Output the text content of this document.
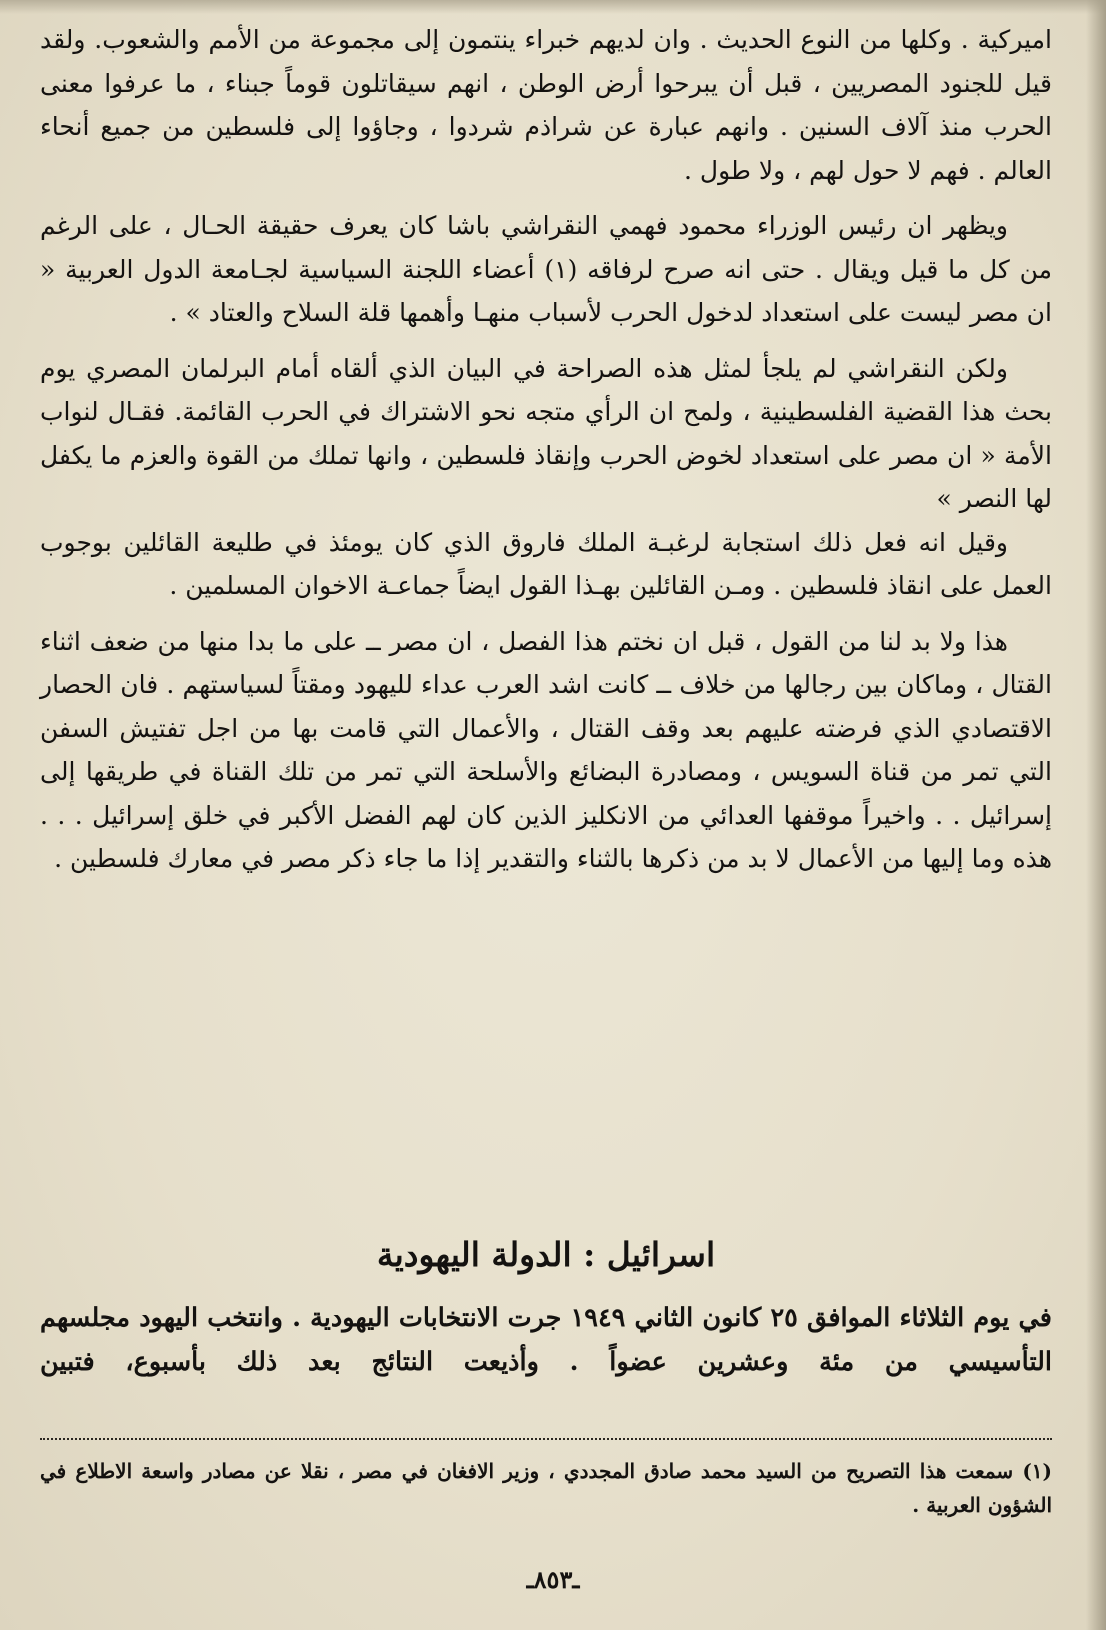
اميركية . وكلها من النوع الحديث . وان لديهم خبراء ينتمون إلى مجموعة من الأمم والشعوب. ولقد قيل للجنود المصريين ، قبل أن يبرحوا أرض الوطن ، انهم سيقاتلون قوماً جبناء ، ما عرفوا معنى الحرب منذ آلاف السنين . وانهم عبارة عن شراذم شردوا ، وجاؤوا إلى فلسطين من جميع أنحاء العالم . فهم لا حول لهم ، ولا طول .

ويظهر ان رئيس الوزراء محمود فهمي النقراشي باشا كان يعرف حقيقة الحـال ، على الرغم من كل ما قيل ويقال . حتى انه صرح لرفاقه (١) أعضاء اللجنة السياسية لجـامعة الدول العربية « ان مصر ليست على استعداد لدخول الحرب لأسباب منهـا وأهمها قلة السلاح والعتاد » .

ولكن النقراشي لم يلجأ لمثل هذه الصراحة في البيان الذي ألقاه أمام البرلمان المصري يوم بحث هذا القضية الفلسطينية ، ولمح ان الرأي متجه نحو الاشتراك في الحرب القائمة. فقـال لنواب الأمة « ان مصر على استعداد لخوض الحرب وإنقاذ فلسطين ، وانها تملك من القوة والعزم ما يكفل لها النصر »

وقيل انه فعل ذلك استجابة لرغبـة الملك فاروق الذي كان يومئذ في طليعة القائلين بوجوب العمل على انقاذ فلسطين . ومـن القائلين بهـذا القول ايضاً جماعـة الاخوان المسلمين .

هذا ولا بد لنا من القول ، قبل ان نختم هذا الفصل ، ان مصر ــ على ما بدا منها من ضعف اثناء القتال ، وماكان بين رجالها من خلاف ــ كانت اشد العرب عداء لليهود ومقتاً لسياستهم . فان الحصار الاقتصادي الذي فرضته عليهم بعد وقف القتال ، والأعمال التي قامت بها من اجل تفتيش السفن التي تمر من قناة السويس ، ومصادرة البضائع والأسلحة التي تمر من تلك القناة في طريقها إلى إسرائيل . . واخيراً موقفها العدائي من الانكليز الذين كان لهم الفضل الأكبر في خلق إسرائيل . . . هذه وما إليها من الأعمال لا بد من ذكرها بالثناء والتقدير إذا ما جاء ذكر مصر في معارك فلسطين .

اسرائيل : الدولة اليهودية
في يوم الثلاثاء الموافق ٢٥ كانون الثاني ١٩٤٩ جرت الانتخابات اليهودية . وانتخب اليهود مجلسهم التأسيسي من مئة وعشرين عضواً . وأذيعت النتائج بعد ذلك بأسبوع، فتبين
(١) سمعت هذا التصريح من السيد محمد صادق المجددي ، وزير الافغان في مصر ، نقلا عن مصادر واسعة الاطلاع في الشؤون العربية .
ـ٨٥٣ـ
